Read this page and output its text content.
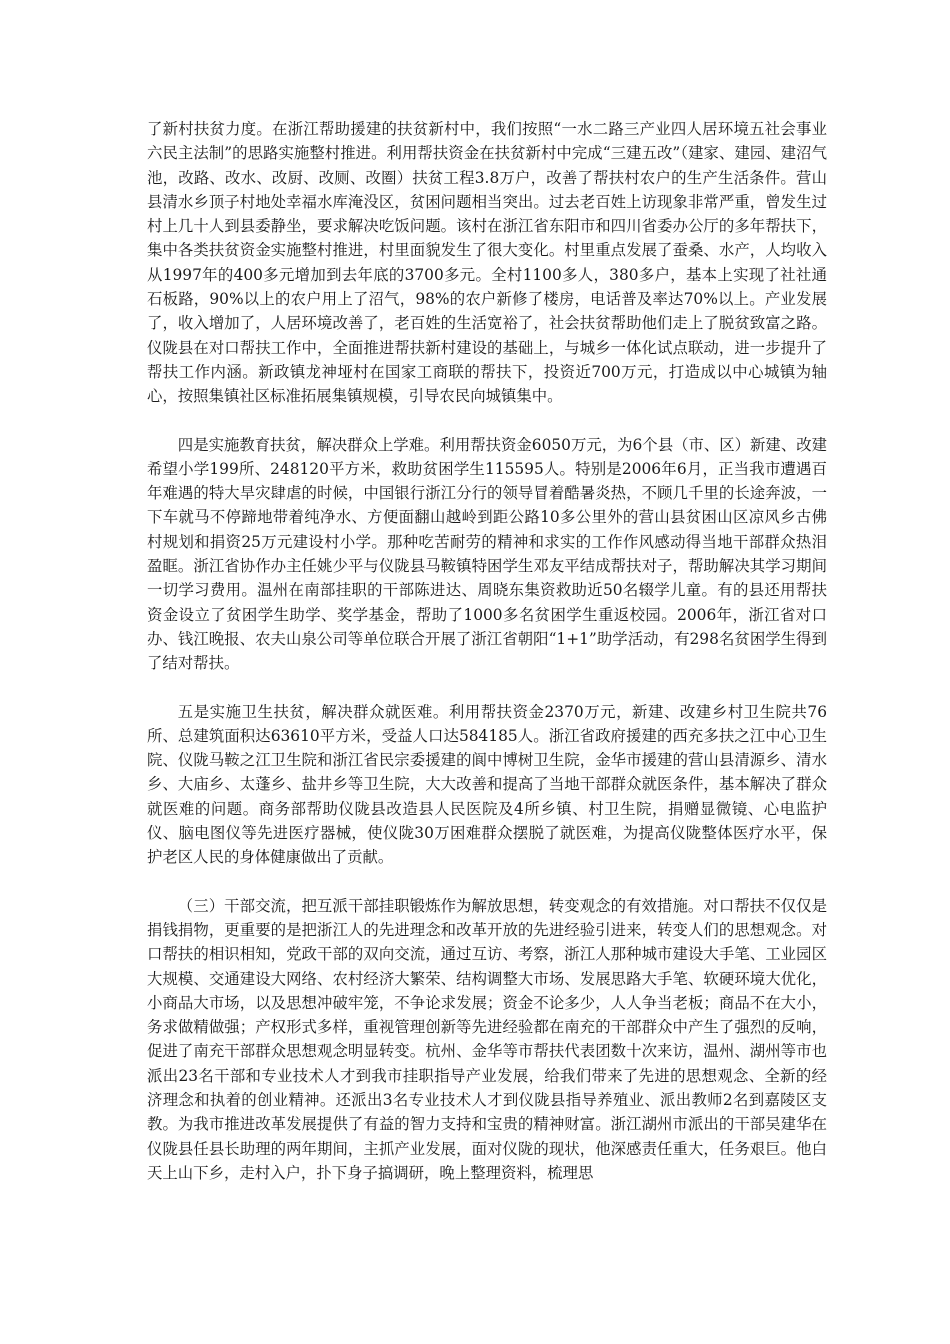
了新村扶贫力度。在浙江帮助援建的扶贫新村中，我们按照“一水二路三产业四人居环境五社会事业六民主法制”的思路实施整村推进。利用帮扶资金在扶贫新村中完成“三建五改”（建家、建园、建沼气池，改路、改水、改厨、改厕、改圈）扶贫工程3.8万户，改善了帮扶村农户的生产生活条件。营山县清水乡顶子村地处幸福水库淹没区，贫困问题相当突出。过去老百姓上访现象非常严重，曾发生过村上几十人到县委静坐，要求解决吃饭问题。该村在浙江省东阳市和四川省委办公厅的多年帮扶下，集中各类扶贫资金实施整村推进，村里面貌发生了很大变化。村里重点发展了蚕桑、水产，人均收入从1997年的400多元增加到去年底的3700多元。全村1100多人，380多户，基本上实现了社社通石板路，90%以上的农户用上了沼气，98%的农户新修了楼房，电话普及率达70%以上。产业发展了，收入增加了，人居环境改善了，老百姓的生活宽裕了，社会扶贫帮助他们走上了脱贫致富之路。仪陇县在对口帮扶工作中，全面推进帮扶新村建设的基础上，与城乡一体化试点联动，进一步提升了帮扶工作内涵。新政镇龙神垭村在国家工商联的帮扶下，投资近700万元，打造成以中心城镇为轴心，按照集镇社区标准拓展集镇规模，引导农民向城镇集中。

四是实施教育扶贫，解决群众上学难。利用帮扶资金6050万元，为6个县（市、区）新建、改建希望小学199所、248120平方米，救助贫困学生115595人。特别是2006年6月，正当我市遭遇百年难遇的特大旱灾肆虐的时候，中国银行浙江分行的领导冒着酷暑炎热，不顾几千里的长途奔波，一下车就马不停蹄地带着纯净水、方便面翻山越岭到距公路10多公里外的营山县贫困山区凉风乡古佛村规划和捐资25万元建设村小学。那种吃苦耐劳的精神和求实的工作作风感动得当地干部群众热泪盈眶。浙江省协作办主任姚少平与仪陇县马鞍镇特困学生邓友平结成帮扶对子，帮助解决其学习期间一切学习费用。温州在南部挂职的干部陈进达、周晓东集资救助近50名辍学儿童。有的县还用帮扶资金设立了贫困学生助学、奖学基金，帮助了1000多名贫困学生重返校园。2006年，浙江省对口办、钱江晚报、农夫山泉公司等单位联合开展了浙江省朝阳“1+1”助学活动，有298名贫困学生得到了结对帮扶。

五是实施卫生扶贫，解决群众就医难。利用帮扶资金2370万元，新建、改建乡村卫生院共76所、总建筑面积达63610平方米，受益人口达584185人。浙江省政府援建的西充多扶之江中心卫生院、仪陇马鞍之江卫生院和浙江省民宗委援建的阆中博树卫生院，金华市援建的营山县清源乡、清水乡、大庙乡、太蓬乡、盐井乡等卫生院，大大改善和提高了当地干部群众就医条件，基本解决了群众就医难的问题。商务部帮助仪陇县改造县人民医院及4所乡镇、村卫生院，捐赠显微镜、心电监护仪、脑电图仪等先进医疗器械，使仪陇30万困难群众摆脱了就医难，为提高仪陇整体医疗水平，保护老区人民的身体健康做出了贡献。

（三）干部交流，把互派干部挂职锻炼作为解放思想，转变观念的有效措施。对口帮扶不仅仅是捐钱捐物，更重要的是把浙江人的先进理念和改革开放的先进经验引进来，转变人们的思想观念。对口帮扶的相识相知，党政干部的双向交流，通过互访、考察，浙江人那种城市建设大手笔、工业园区大规模、交通建设大网络、农村经济大繁荣、结构调整大市场、发展思路大手笔、软硬环境大优化，小商品大市场，以及思想冲破牢笼，不争论求发展；资金不论多少，人人争当老板；商品不在大小，务求做精做强；产权形式多样，重视管理创新等先进经验都在南充的干部群众中产生了强烈的反响，促进了南充干部群众思想观念明显转变。杭州、金华等市帮扶代表团数十次来访，温州、湖州等市也派出23名干部和专业技术人才到我市挂职指导产业发展，给我们带来了先进的思想观念、全新的经济理念和执着的创业精神。还派出3名专业技术人才到仪陇县指导养殖业、派出教师2名到嘉陵区支教。为我市推进改革发展提供了有益的智力支持和宝贵的精神财富。浙江湖州市派出的干部吴建华在仪陇县任县长助理的两年期间，主抓产业发展，面对仪陇的现状，他深感责任重大，任务艰巨。他白天上山下乡，走村入户，扑下身子搞调研，晚上整理资料，梳理思
